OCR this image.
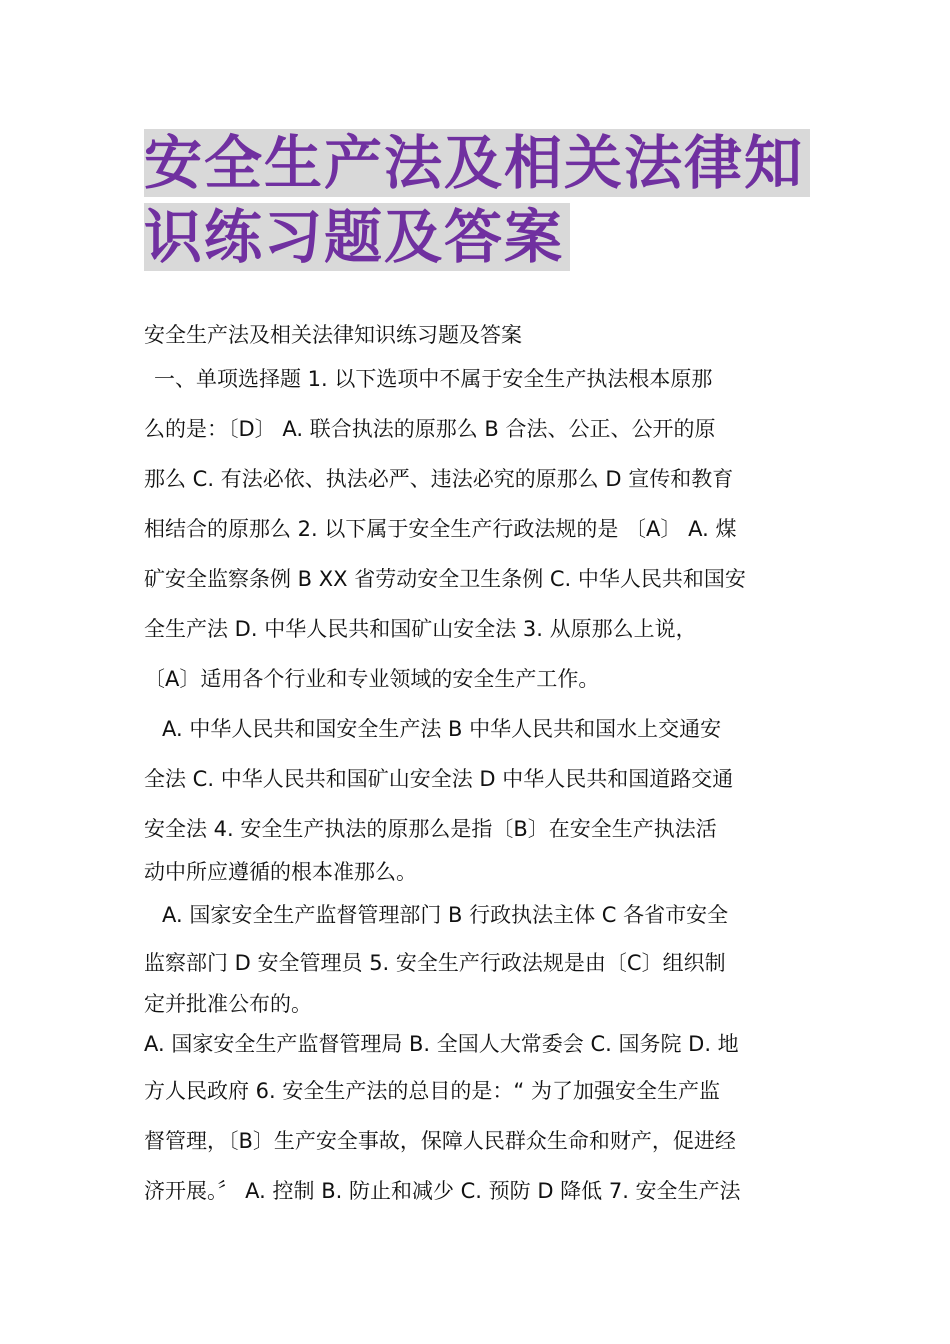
安全生产法及相关法律知
识练习题及答案

安全生产法及相关法律知识练习题及答案

一、单项选择题 1. 以下选项中不属于安全生产执法根本原那

么的是：〔D〕 A. 联合执法的原那么 B 合法、公正、公开的原

那么 C. 有法必依、执法必严、违法必究的原那么 D 宣传和教育

相结合的原那么 2. 以下属于安全生产行政法规的是 〔A〕 A. 煤

矿安全监察条例 B XX 省劳动安全卫生条例 C. 中华人民共和国安

全生产法 D. 中华人民共和国矿山安全法 3. 从原那么上说，

〔A〕适用各个行业和专业领域的安全生产工作。

A. 中华人民共和国安全生产法 B 中华人民共和国水上交通安

全法 C. 中华人民共和国矿山安全法 D 中华人民共和国道路交通

安全法 4. 安全生产执法的原那么是指〔B〕在安全生产执法活

动中所应遵循的根本准那么。

A. 国家安全生产监督管理部门 B 行政执法主体 C 各省市安全

监察部门 D 安全管理员 5. 安全生产行政法规是由〔C〕组织制

定并批准公布的。

A. 国家安全生产监督管理局 B. 全国人大常委会 C. 国务院 D. 地

方人民政府 6. 安全生产法的总目的是：“ 为了加强安全生产监

督管理，〔B〕生产安全事故，保障人民群众生命和财产，促进经

济开展。〞 A. 控制 B. 防止和减少 C. 预防 D 降低 7. 安全生产法
